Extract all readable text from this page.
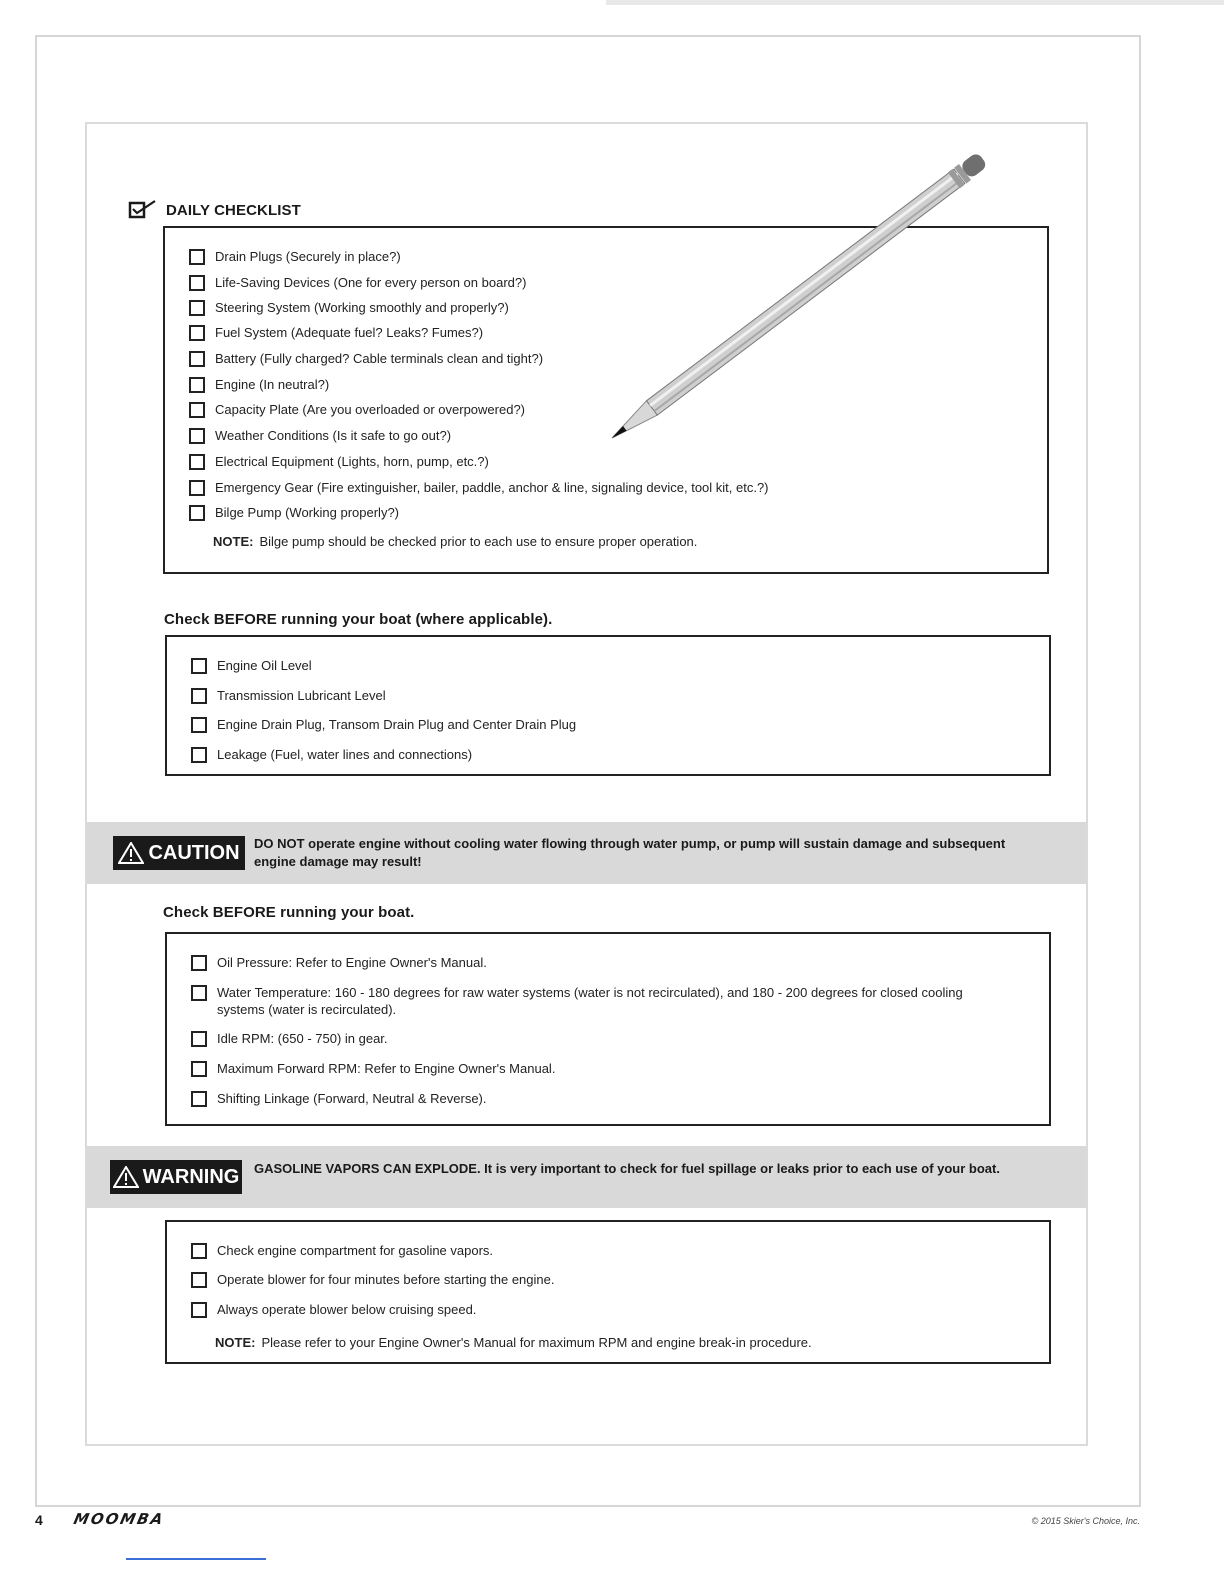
DAILY CHECKLIST
Drain Plugs (Securely in place?)
Life-Saving Devices (One for every person on board?)
Steering System (Working smoothly and properly?)
Fuel System (Adequate fuel? Leaks? Fumes?)
Battery (Fully charged? Cable terminals clean and tight?)
Engine (In neutral?)
Capacity Plate (Are you overloaded or overpowered?)
Weather Conditions (Is it safe to go out?)
Electrical Equipment (Lights, horn, pump, etc.?)
Emergency Gear (Fire extinguisher, bailer, paddle, anchor & line, signaling device, tool kit, etc.?)
Bilge Pump (Working properly?)
NOTE: Bilge pump should be checked prior to each use to ensure proper operation.
Check BEFORE running your boat (where applicable).
Engine Oil Level
Transmission Lubricant Level
Engine Drain Plug, Transom Drain Plug and Center Drain Plug
Leakage (Fuel, water lines and connections)
CAUTION DO NOT operate engine without cooling water flowing through water pump, or pump will sustain damage and subsequent engine damage may result!
Check BEFORE running your boat.
Oil Pressure: Refer to Engine Owner's Manual.
Water Temperature: 160 - 180 degrees for raw water systems (water is not recirculated), and 180 - 200 degrees for closed cooling systems (water is recirculated).
Idle RPM: (650 - 750) in gear.
Maximum Forward RPM: Refer to Engine Owner's Manual.
Shifting Linkage (Forward, Neutral & Reverse).
WARNING GASOLINE VAPORS CAN EXPLODE. It is very important to check for fuel spillage or leaks prior to each use of your boat.
Check engine compartment for gasoline vapors.
Operate blower for four minutes before starting the engine.
Always operate blower below cruising speed.
NOTE: Please refer to your Engine Owner's Manual for maximum RPM and engine break-in procedure.
4 MOOMBA	© 2015 Skier's Choice, Inc.
